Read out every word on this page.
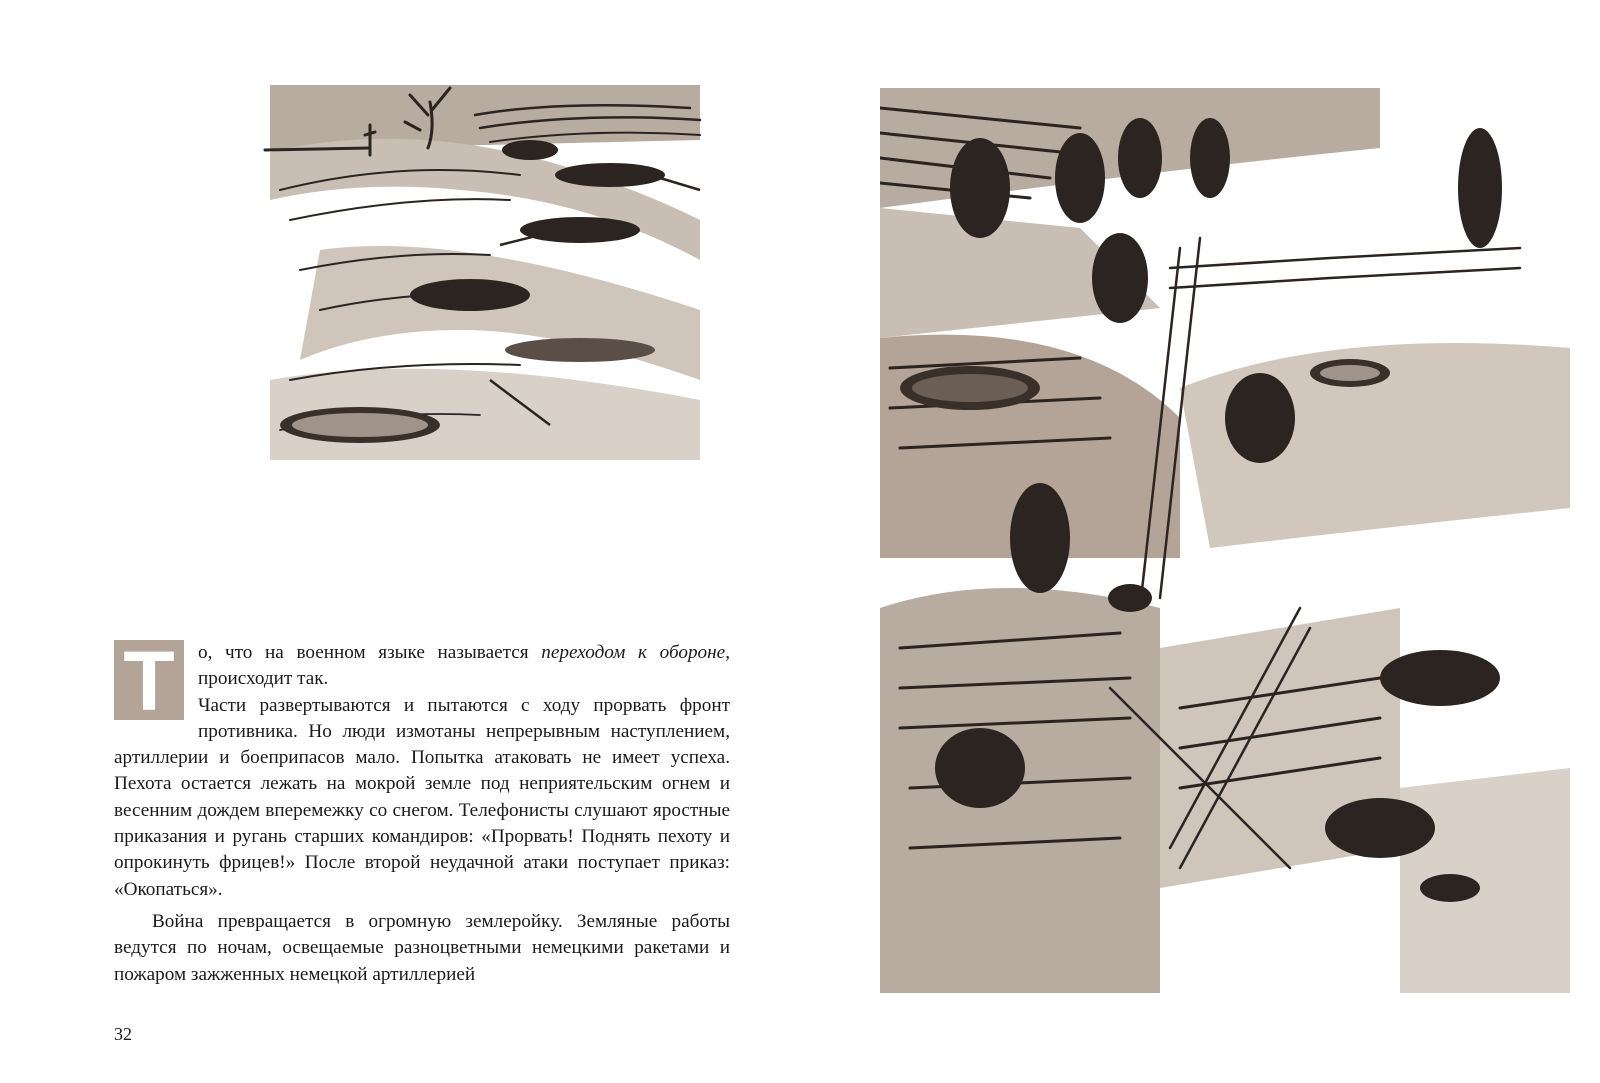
Т	о, что на военном языке называется переходом к обороне, происходит так.

Части развертываются и пытаются с ходу прорвать фронт противника. Но люди измотаны непрерывным наступлением, артиллерии и боеприпасов мало. Попытка атаковать не имеет успеха. Пехота остается лежать на мокрой земле под неприятельским огнем и весенним дождем вперемежку со снегом. Телефонисты слушают яростные приказания и ругань старших командиров: «Прорвать! Поднять пехоту и опрокинуть фрицев!» После второй неудачной атаки поступает приказ: «Окопаться».

Война превращается в огромную землеройку. Земляные работы ведутся по ночам, освещаемые разноцветными немецкими ракетами и пожаром зажженных немецкой артиллерией

32
